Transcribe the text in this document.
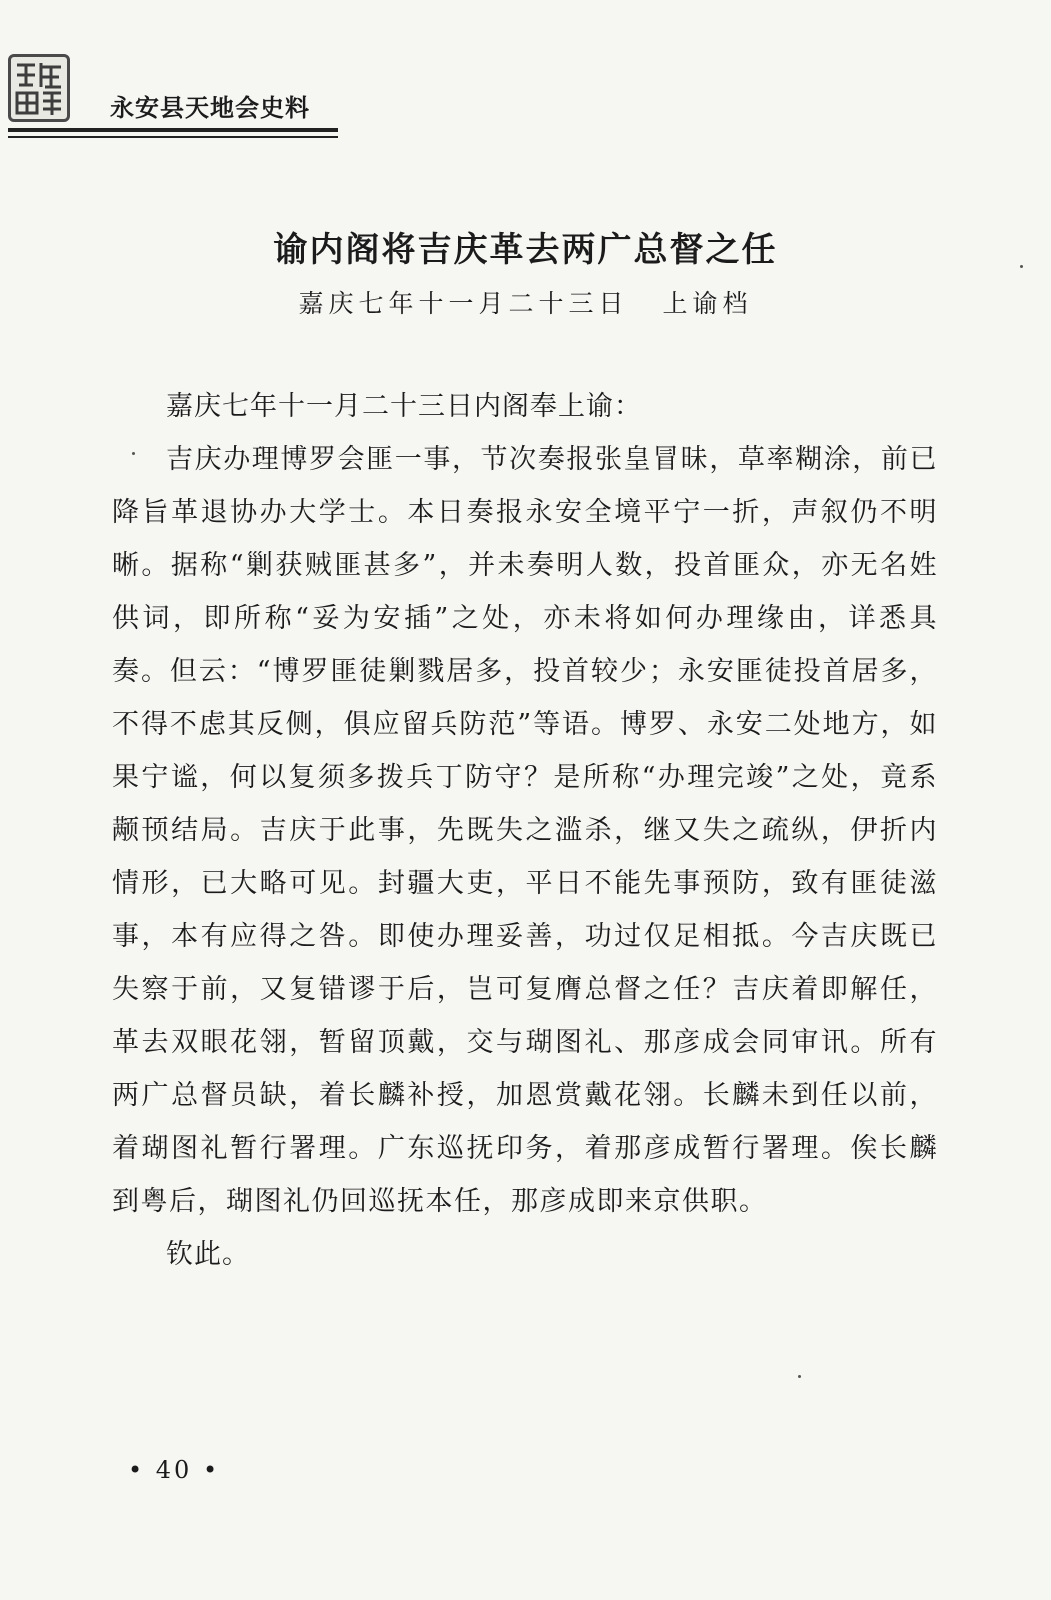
永安县天地会史料
谕内阁将吉庆革去两广总督之任
嘉庆七年十一月二十三日 上谕档

嘉庆七年十一月二十三日内阁奉上谕：

吉庆办理博罗会匪一事，节次奏报张皇冒昧，草率糊涂，前已降旨革退协办大学士。本日奏报永安全境平宁一折，声叙仍不明晰。据称“剿获贼匪甚多”，并未奏明人数，投首匪众，亦无名姓供词，即所称“妥为安插”之处，亦未将如何办理缘由，详悉具奏。但云：“博罗匪徒剿戮居多，投首较少；永安匪徒投首居多，不得不虑其反侧，俱应留兵防范”等语。博罗、永安二处地方，如果宁谧，何以复须多拨兵丁防守？是所称“办理完竣”之处，竟系颟顸结局。吉庆于此事，先既失之滥杀，继又失之疏纵，伊折内情形，已大略可见。封疆大吏，平日不能先事预防，致有匪徒滋事，本有应得之咎。即使办理妥善，功过仅足相抵。今吉庆既已失察于前，又复错谬于后，岂可复膺总督之任？吉庆着即解任，革去双眼花翎，暂留顶戴，交与瑚图礼、那彦成会同审讯。所有两广总督员缺，着长麟补授，加恩赏戴花翎。长麟未到任以前，着瑚图礼暂行署理。广东巡抚印务，着那彦成暂行署理。俟长麟到粤后，瑚图礼仍回巡抚本任，那彦成即来京供职。

钦此。

• 40 •
